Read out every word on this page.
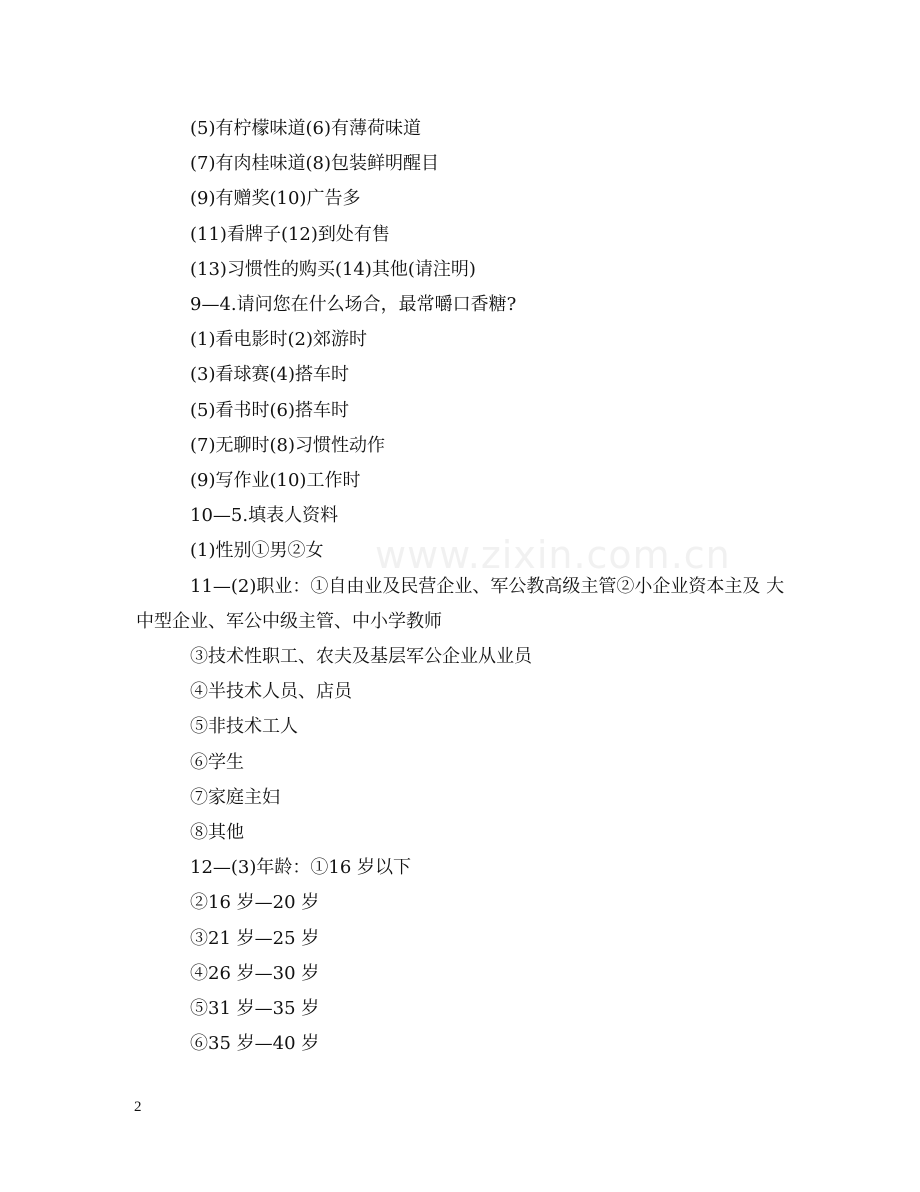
www.zixin.com.cn
(5)有柠檬味道(6)有薄荷味道
(7)有肉桂味道(8)包装鲜明醒目
(9)有赠奖(10)广告多
(11)看牌子(12)到处有售
(13)习惯性的购买(14)其他(请注明)
9—4.请问您在什么场合，最常嚼口香糖?
(1)看电影时(2)郊游时
(3)看球赛(4)搭车时
(5)看书时(6)搭车时
(7)无聊时(8)习惯性动作
(9)写作业(10)工作时
10—5.填表人资料
(1)性别①男②女
11—(2)职业：①自由业及民营企业、军公教高级主管②小企业资本主及 大中型企业、军公中级主管、中小学教师
③技术性职工、农夫及基层军公企业从业员
④半技术人员、店员
⑤非技术工人
⑥学生
⑦家庭主妇
⑧其他
12—(3)年龄：①16 岁以下
②16 岁—20 岁
③21 岁—25 岁
④26 岁—30 岁
⑤31 岁—35 岁
⑥35 岁—40 岁
2
